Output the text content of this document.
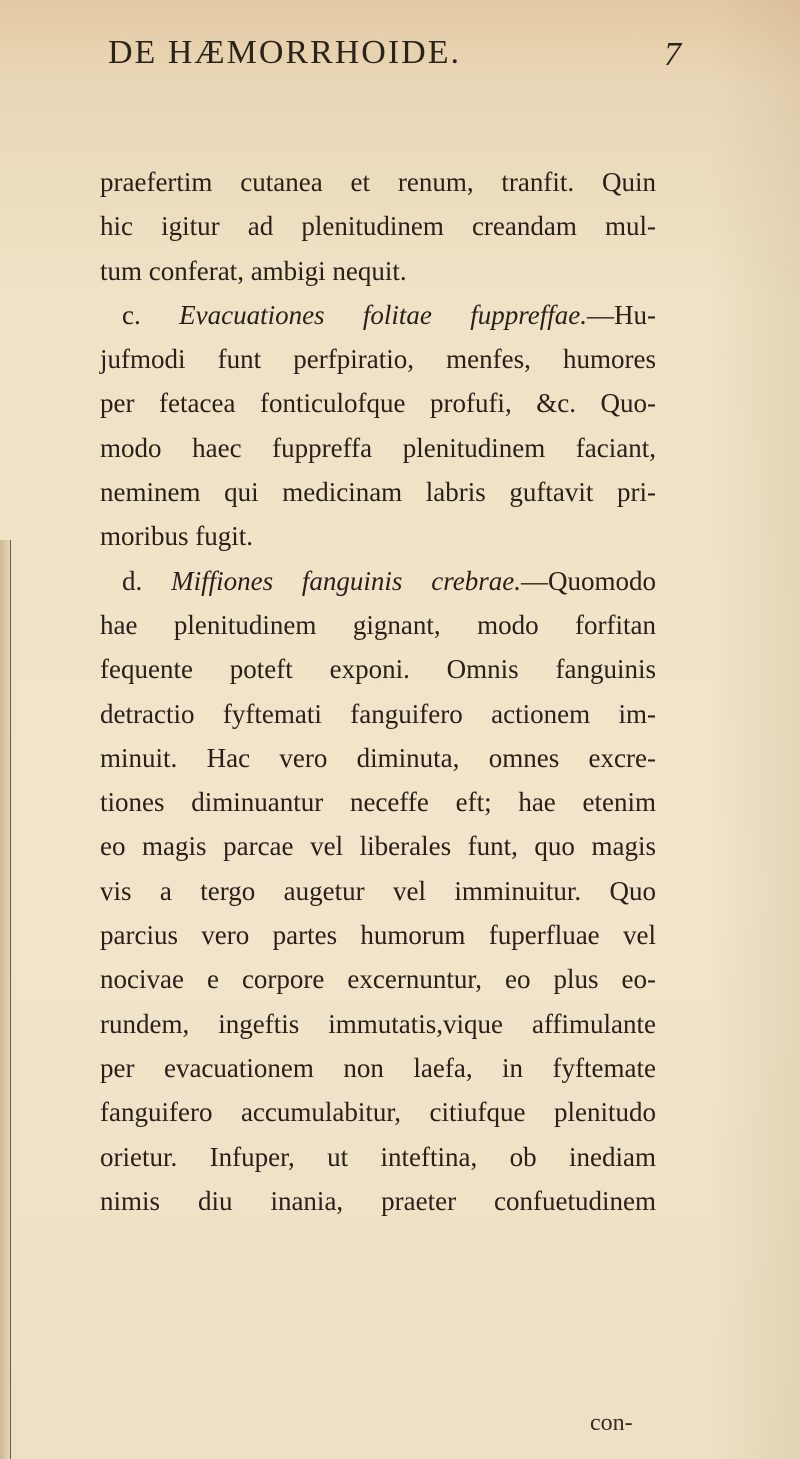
DE HÆMORRHOIDE.	7
praefertim cutanea et renum, tranfit. Quin
hic igitur ad plenitudinem creandam mul-
tum conferat, ambigi nequit.
c. Evacuationes folitae fuppreffae.—Hu-
jufmodi funt perfpiratio, menfes, humores
per fetacea fonticulofque profufi, &c. Quo-
modo haec fuppreffa plenitudinem faciant,
neminem qui medicinam labris guftavit pri-
moribus fugit.
d. Miffiones fanguinis crebrae.—Quomodo
hae plenitudinem gignant, modo forfitan
fequente poteft exponi. Omnis fanguinis
detractio fyftemati fanguifero actionem im-
minuit. Hac vero diminuta, omnes excre-
tiones diminuantur neceffe eft; hae etenim
eo magis parcae vel liberales funt, quo magis
vis a tergo augetur vel imminuitur. Quo
parcius vero partes humorum fuperfluae vel
nocivae e corpore excernuntur, eo plus eo-
rundem, ingeftis immutatis,vique affimulante
per evacuationem non laefa, in fyftemate
fanguifero accumulabitur, citiufque plenitudo
orietur. Infuper, ut inteftina, ob inediam
nimis diu inania, praeter confuetudinem
con-
